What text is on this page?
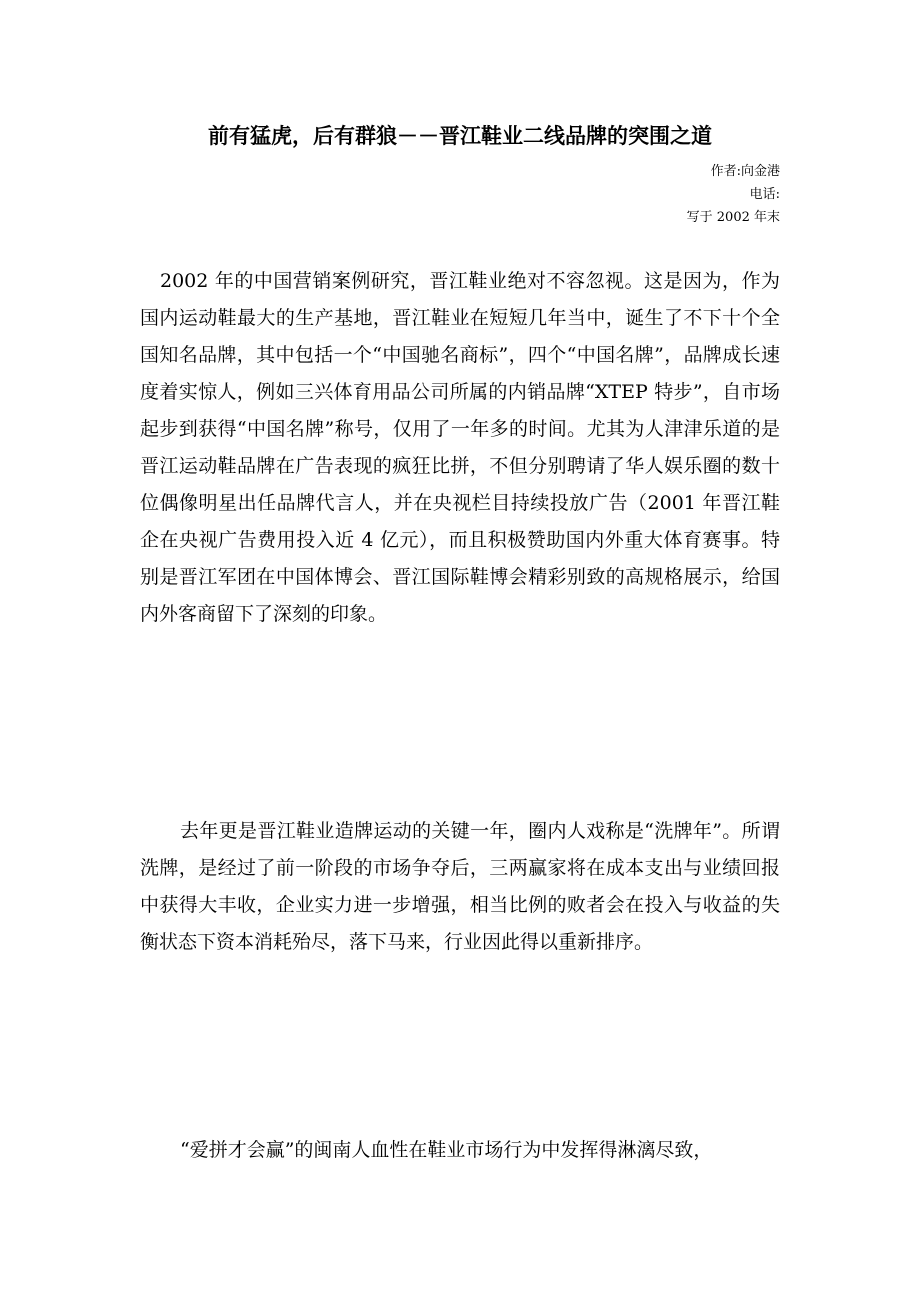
前有猛虎，后有群狼－－晋江鞋业二线品牌的突围之道
作者:向金港
电话:
写于 2002 年末

2002 年的中国营销案例研究，晋江鞋业绝对不容忽视。这是因为，作为国内运动鞋最大的生产基地，晋江鞋业在短短几年当中，诞生了不下十个全国知名品牌，其中包括一个“中国驰名商标”，四个“中国名牌”，品牌成长速度着实惊人，例如三兴体育用品公司所属的内销品牌“XTEP 特步”，自市场起步到获得“中国名牌”称号，仅用了一年多的时间。尤其为人津津乐道的是晋江运动鞋品牌在广告表现的疯狂比拼，不但分别聘请了华人娱乐圈的数十位偶像明星出任品牌代言人，并在央视栏目持续投放广告（2001 年晋江鞋企在央视广告费用投入近 4 亿元），而且积极赞助国内外重大体育赛事。特别是晋江军团在中国体博会、晋江国际鞋博会精彩别致的高规格展示，给国内外客商留下了深刻的印象。

去年更是晋江鞋业造牌运动的关键一年，圈内人戏称是“洗牌年”。所谓洗牌，是经过了前一阶段的市场争夺后，三两赢家将在成本支出与业绩回报中获得大丰收，企业实力进一步增强，相当比例的败者会在投入与收益的失衡状态下资本消耗殆尽，落下马来，行业因此得以重新排序。

“爱拼才会赢”的闽南人血性在鞋业市场行为中发挥得淋漓尽致，
